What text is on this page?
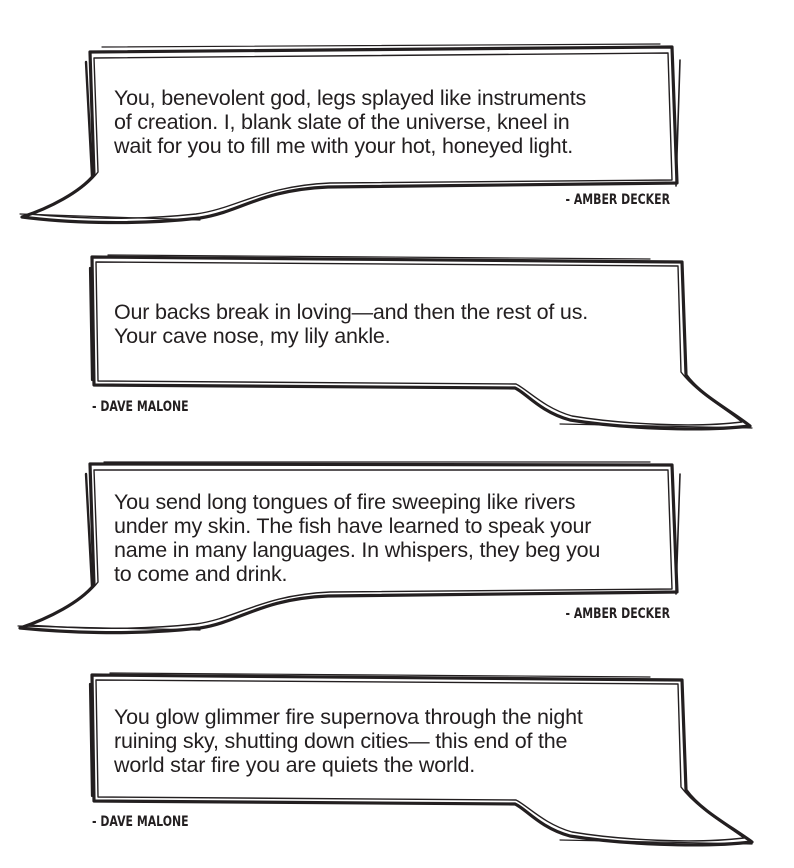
You, benevolent god, legs splayed like instruments
of creation. I, blank slate of the universe, kneel in
wait for you to fill me with your hot, honeyed light.

- AMBER DECKER

Our backs break in loving—and then the rest of us.
Your cave nose, my lily ankle.

- DAVE MALONE

You send long tongues of fire sweeping like rivers
under my skin. The fish have learned to speak your
name in many languages. In whispers, they beg you
to come and drink.

- AMBER DECKER

You glow glimmer fire supernova through the night
ruining sky, shutting down cities— this end of the
world star fire you are quiets the world.

- DAVE MALONE
